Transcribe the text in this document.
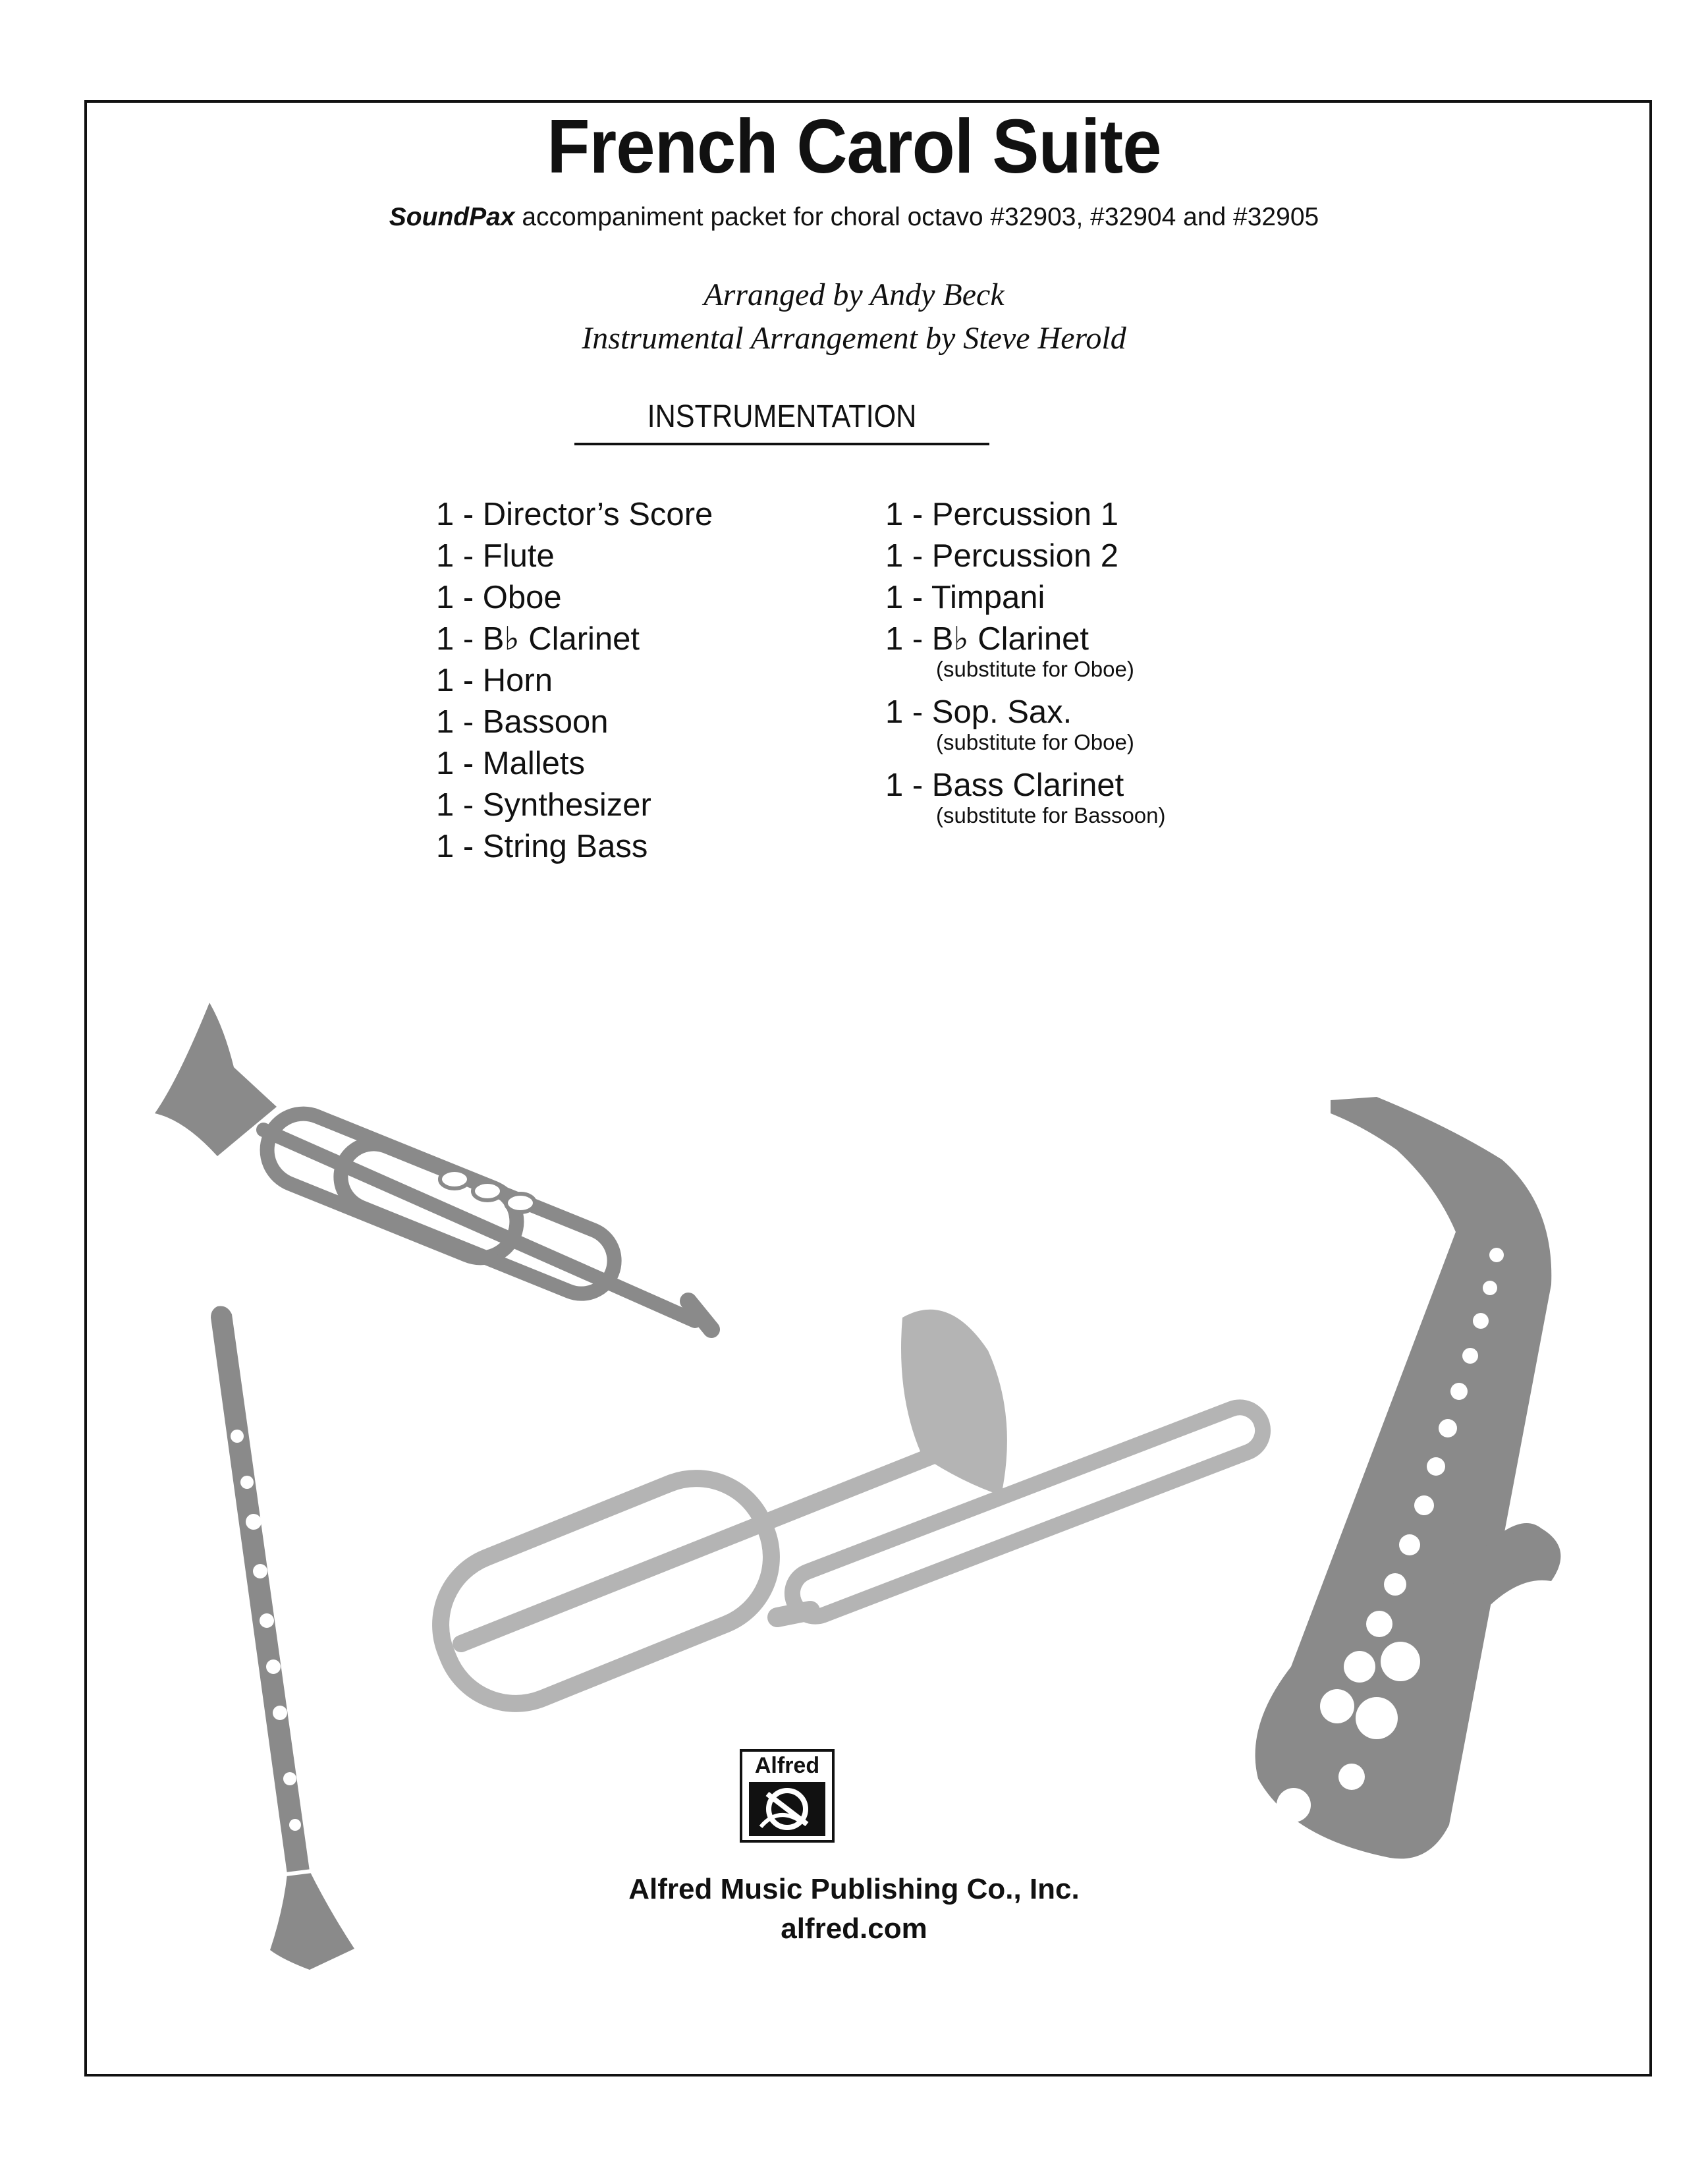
French Carol Suite
SoundPax accompaniment packet for choral octavo #32903, #32904 and #32905
Arranged by Andy Beck
Instrumental Arrangement by Steve Herold
INSTRUMENTATION
1 - Director’s Score
1 - Flute
1 - Oboe
1 - B♭ Clarinet
1 - Horn
1 - Bassoon
1 - Mallets
1 - Synthesizer
1 - String Bass
1 - Percussion 1
1 - Percussion 2
1 - Timpani
1 - B♭ Clarinet
(substitute for Oboe)
1 - Sop. Sax.
(substitute for Oboe)
1 - Bass Clarinet
(substitute for Bassoon)
Alfred
Alfred Music Publishing Co., Inc.
alfred.com
